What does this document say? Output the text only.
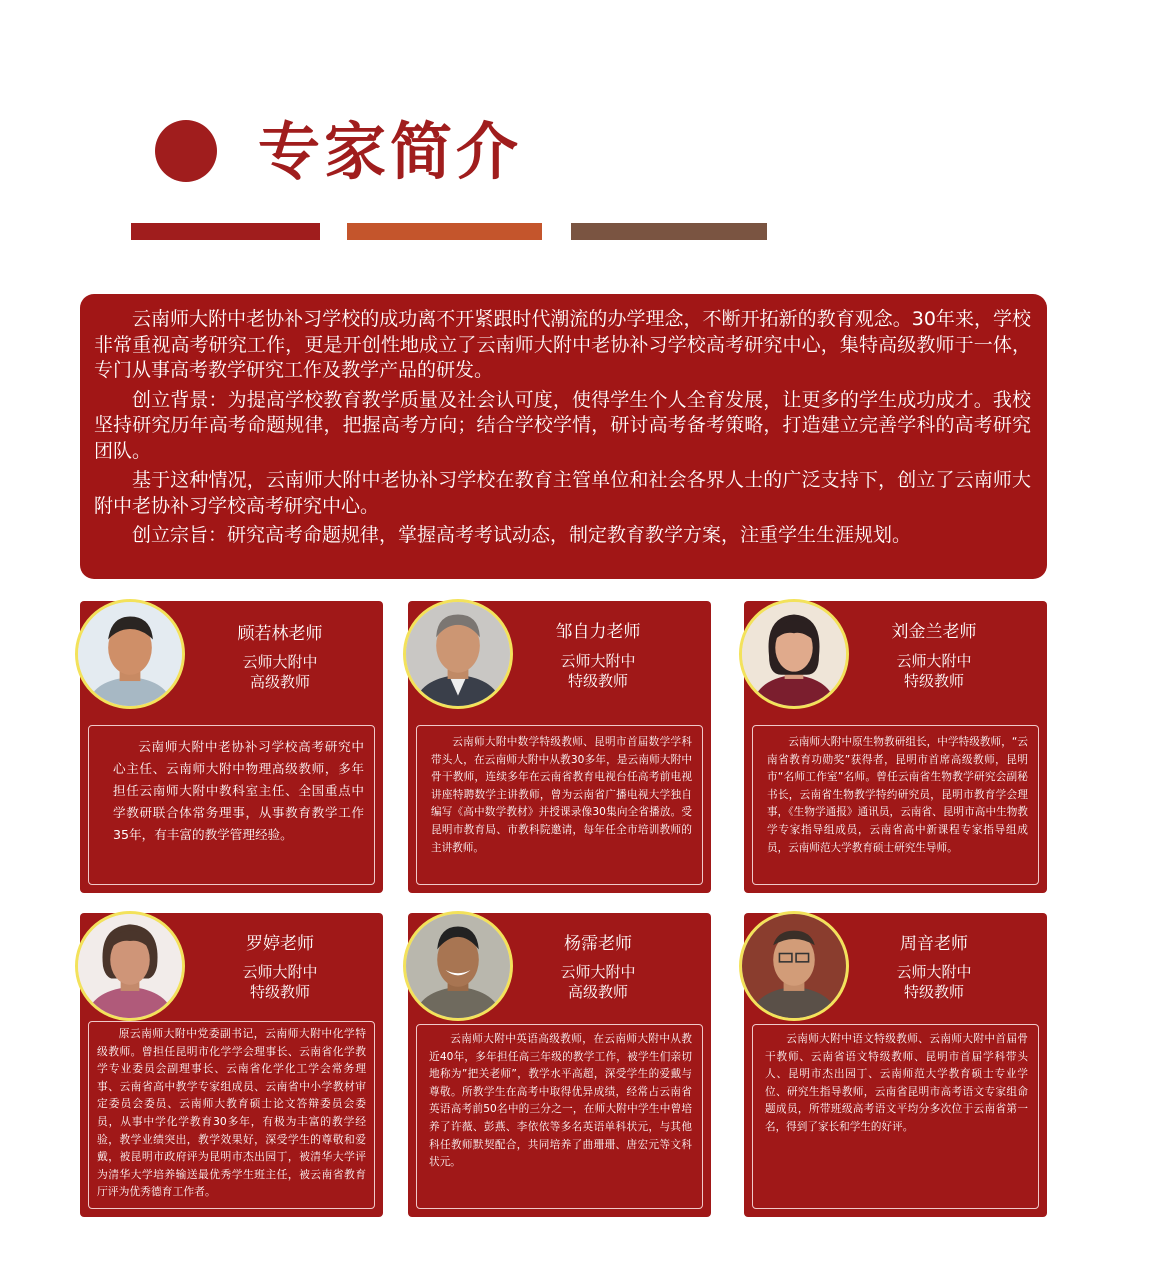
专家简介

云南师大附中老协补习学校的成功离不开紧跟时代潮流的办学理念，不断开拓新的教育观念。30年来，学校非常重视高考研究工作，更是开创性地成立了云南师大附中老协补习学校高考研究中心，集特高级教师于一体，专门从事高考教学研究工作及教学产品的研发。

创立背景：为提高学校教育教学质量及社会认可度，使得学生个人全育发展，让更多的学生成功成才。我校坚持研究历年高考命题规律，把握高考方向；结合学校学情，研讨高考备考策略，打造建立完善学科的高考研究团队。

基于这种情况，云南师大附中老协补习学校在教育主管单位和社会各界人士的广泛支持下，创立了云南师大附中老协补习学校高考研究中心。

创立宗旨：研究高考命题规律，掌握高考考试动态，制定教育教学方案，注重学生生涯规划。

顾若林老师
云师大附中
高级教师

云南师大附中老协补习学校高考研究中心主任、云南师大附中物理高级教师，多年担任云南师大附中教科室主任、全国重点中学教研联合体常务理事，从事教育教学工作35年，有丰富的教学管理经验。

邹自力老师
云师大附中
特级教师

云南师大附中数学特级教师、昆明市首届数学学科带头人，在云南师大附中从教30多年，是云南师大附中骨干教师，连续多年在云南省教育电视台任高考前电视讲座特聘数学主讲教师，曾为云南省广播电视大学独自编写《高中数学教材》并授课录像30集向全省播放。受昆明市教育局、市教科院邀请，每年任全市培训教师的主讲教师。

刘金兰老师
云师大附中
特级教师

云南师大附中原生物教研组长，中学特级教师，“云南省教育功勋奖”获得者，昆明市首席高级教师，昆明市“名师工作室”名师。曾任云南省生物教学研究会副秘书长，云南省生物教学特约研究员，昆明市教育学会理事，《生物学通报》通讯员，云南省、昆明市高中生物教学专家指导组成员，云南省高中新课程专家指导组成员，云南师范大学教育硕士研究生导师。

罗婷老师
云师大附中
特级教师

原云南师大附中党委副书记，云南师大附中化学特级教师。曾担任昆明市化学学会理事长、云南省化学教学专业委员会副理事长、云南省化学化工学会常务理事、云南省高中教学专家组成员、云南省中小学教材审定委员会委员、云南师大教育硕士论文答辩委员会委员，从事中学化学教育30多年，有极为丰富的教学经验，教学业绩突出，教学效果好，深受学生的尊敬和爱戴，被昆明市政府评为昆明市杰出园丁，被清华大学评为清华大学培养输送最优秀学生班主任，被云南省教育厅评为优秀德育工作者。

杨霈老师
云师大附中
高级教师

云南师大附中英语高级教师，在云南师大附中从教近40年，多年担任高三年级的教学工作，被学生们亲切地称为”把关老师”，教学水平高超，深受学生的爱戴与尊敬。所教学生在高考中取得优异成绩，经常占云南省英语高考前50名中的三分之一，在师大附中学生中曾培养了许薇、彭燕、李依依等多名英语单科状元，与其他科任教师默契配合，共同培养了曲珊珊、唐宏元等文科状元。

周音老师
云师大附中
特级教师

云南师大附中语文特级教师、云南师大附中首届骨干教师、云南省语文特级教师、昆明市首届学科带头人、昆明市杰出园丁、云南师范大学教育硕士专业学位、研究生指导教师，云南省昆明市高考语文专家组命题成员，所带班级高考语文平均分多次位于云南省第一名，得到了家长和学生的好评。
